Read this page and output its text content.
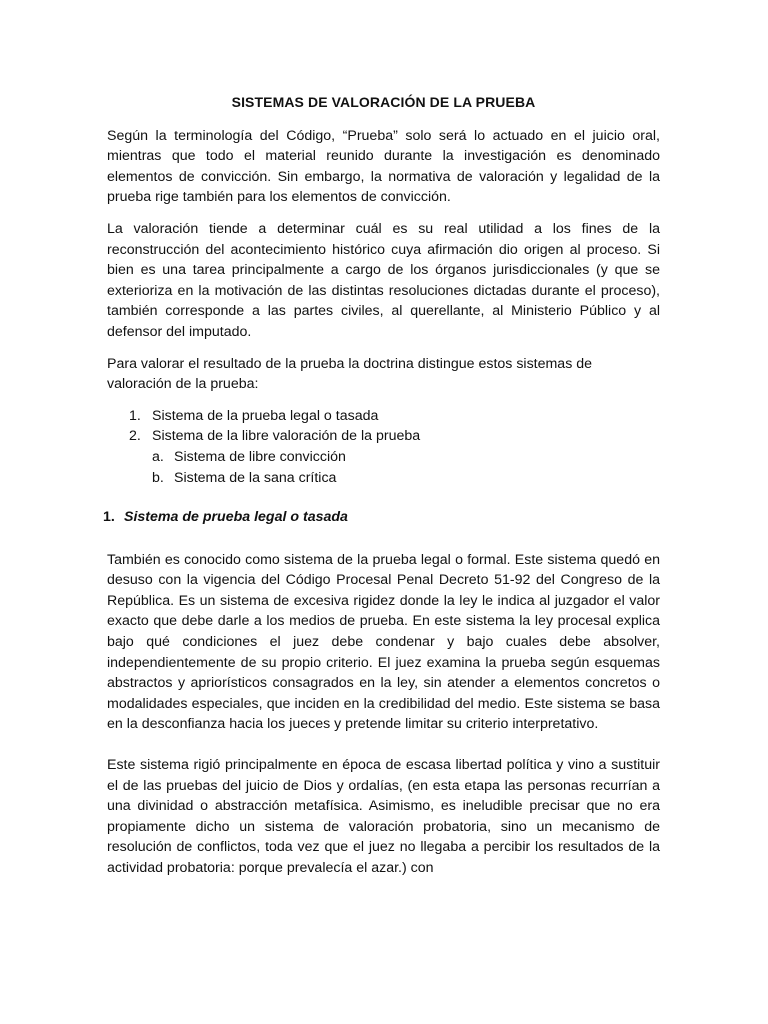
SISTEMAS DE VALORACIÓN DE LA PRUEBA

Según la terminología del Código, “Prueba” solo será lo actuado en el juicio oral, mientras que todo el material reunido durante la investigación es denominado elementos de convicción. Sin embargo, la normativa de valoración y legalidad de la prueba rige también para los elementos de convicción.

La valoración tiende a determinar cuál es su real utilidad a los fines de la reconstrucción del acontecimiento histórico cuya afirmación dio origen al proceso. Si bien es una tarea principalmente a cargo de los órganos jurisdiccionales (y que se exterioriza en la motivación de las distintas resoluciones dictadas durante el proceso), también corresponde a las partes civiles, al querellante, al Ministerio Público y al defensor del imputado.

Para valorar el resultado de la prueba la doctrina distingue estos sistemas de valoración de la prueba:

1. Sistema de la prueba legal o tasada
2. Sistema de la libre valoración de la prueba
a. Sistema de libre convicción
b. Sistema de la sana crítica
1. Sistema de prueba legal o tasada

También es conocido como sistema de la prueba legal o formal. Este sistema quedó en desuso con la vigencia del Código Procesal Penal Decreto 51-92 del Congreso de la República. Es un sistema de excesiva rigidez donde la ley le indica al juzgador el valor exacto que debe darle a los medios de prueba. En este sistema la ley procesal explica bajo qué condiciones el juez debe condenar y bajo cuales debe absolver, independientemente de su propio criterio. El juez examina la prueba según esquemas abstractos y apriorísticos consagrados en la ley, sin atender a elementos concretos o modalidades especiales, que inciden en la credibilidad del medio. Este sistema se basa en la desconfianza hacia los jueces y pretende limitar su criterio interpretativo.

Este sistema rigió principalmente en época de escasa libertad política y vino a sustituir el de las pruebas del juicio de Dios y ordalías, (en esta etapa las personas recurrían a una divinidad o abstracción metafísica. Asimismo, es ineludible precisar que no era propiamente dicho un sistema de valoración probatoria, sino un mecanismo de resolución de conflictos, toda vez que el juez no llegaba a percibir los resultados de la actividad probatoria: porque prevalecía el azar.) con
